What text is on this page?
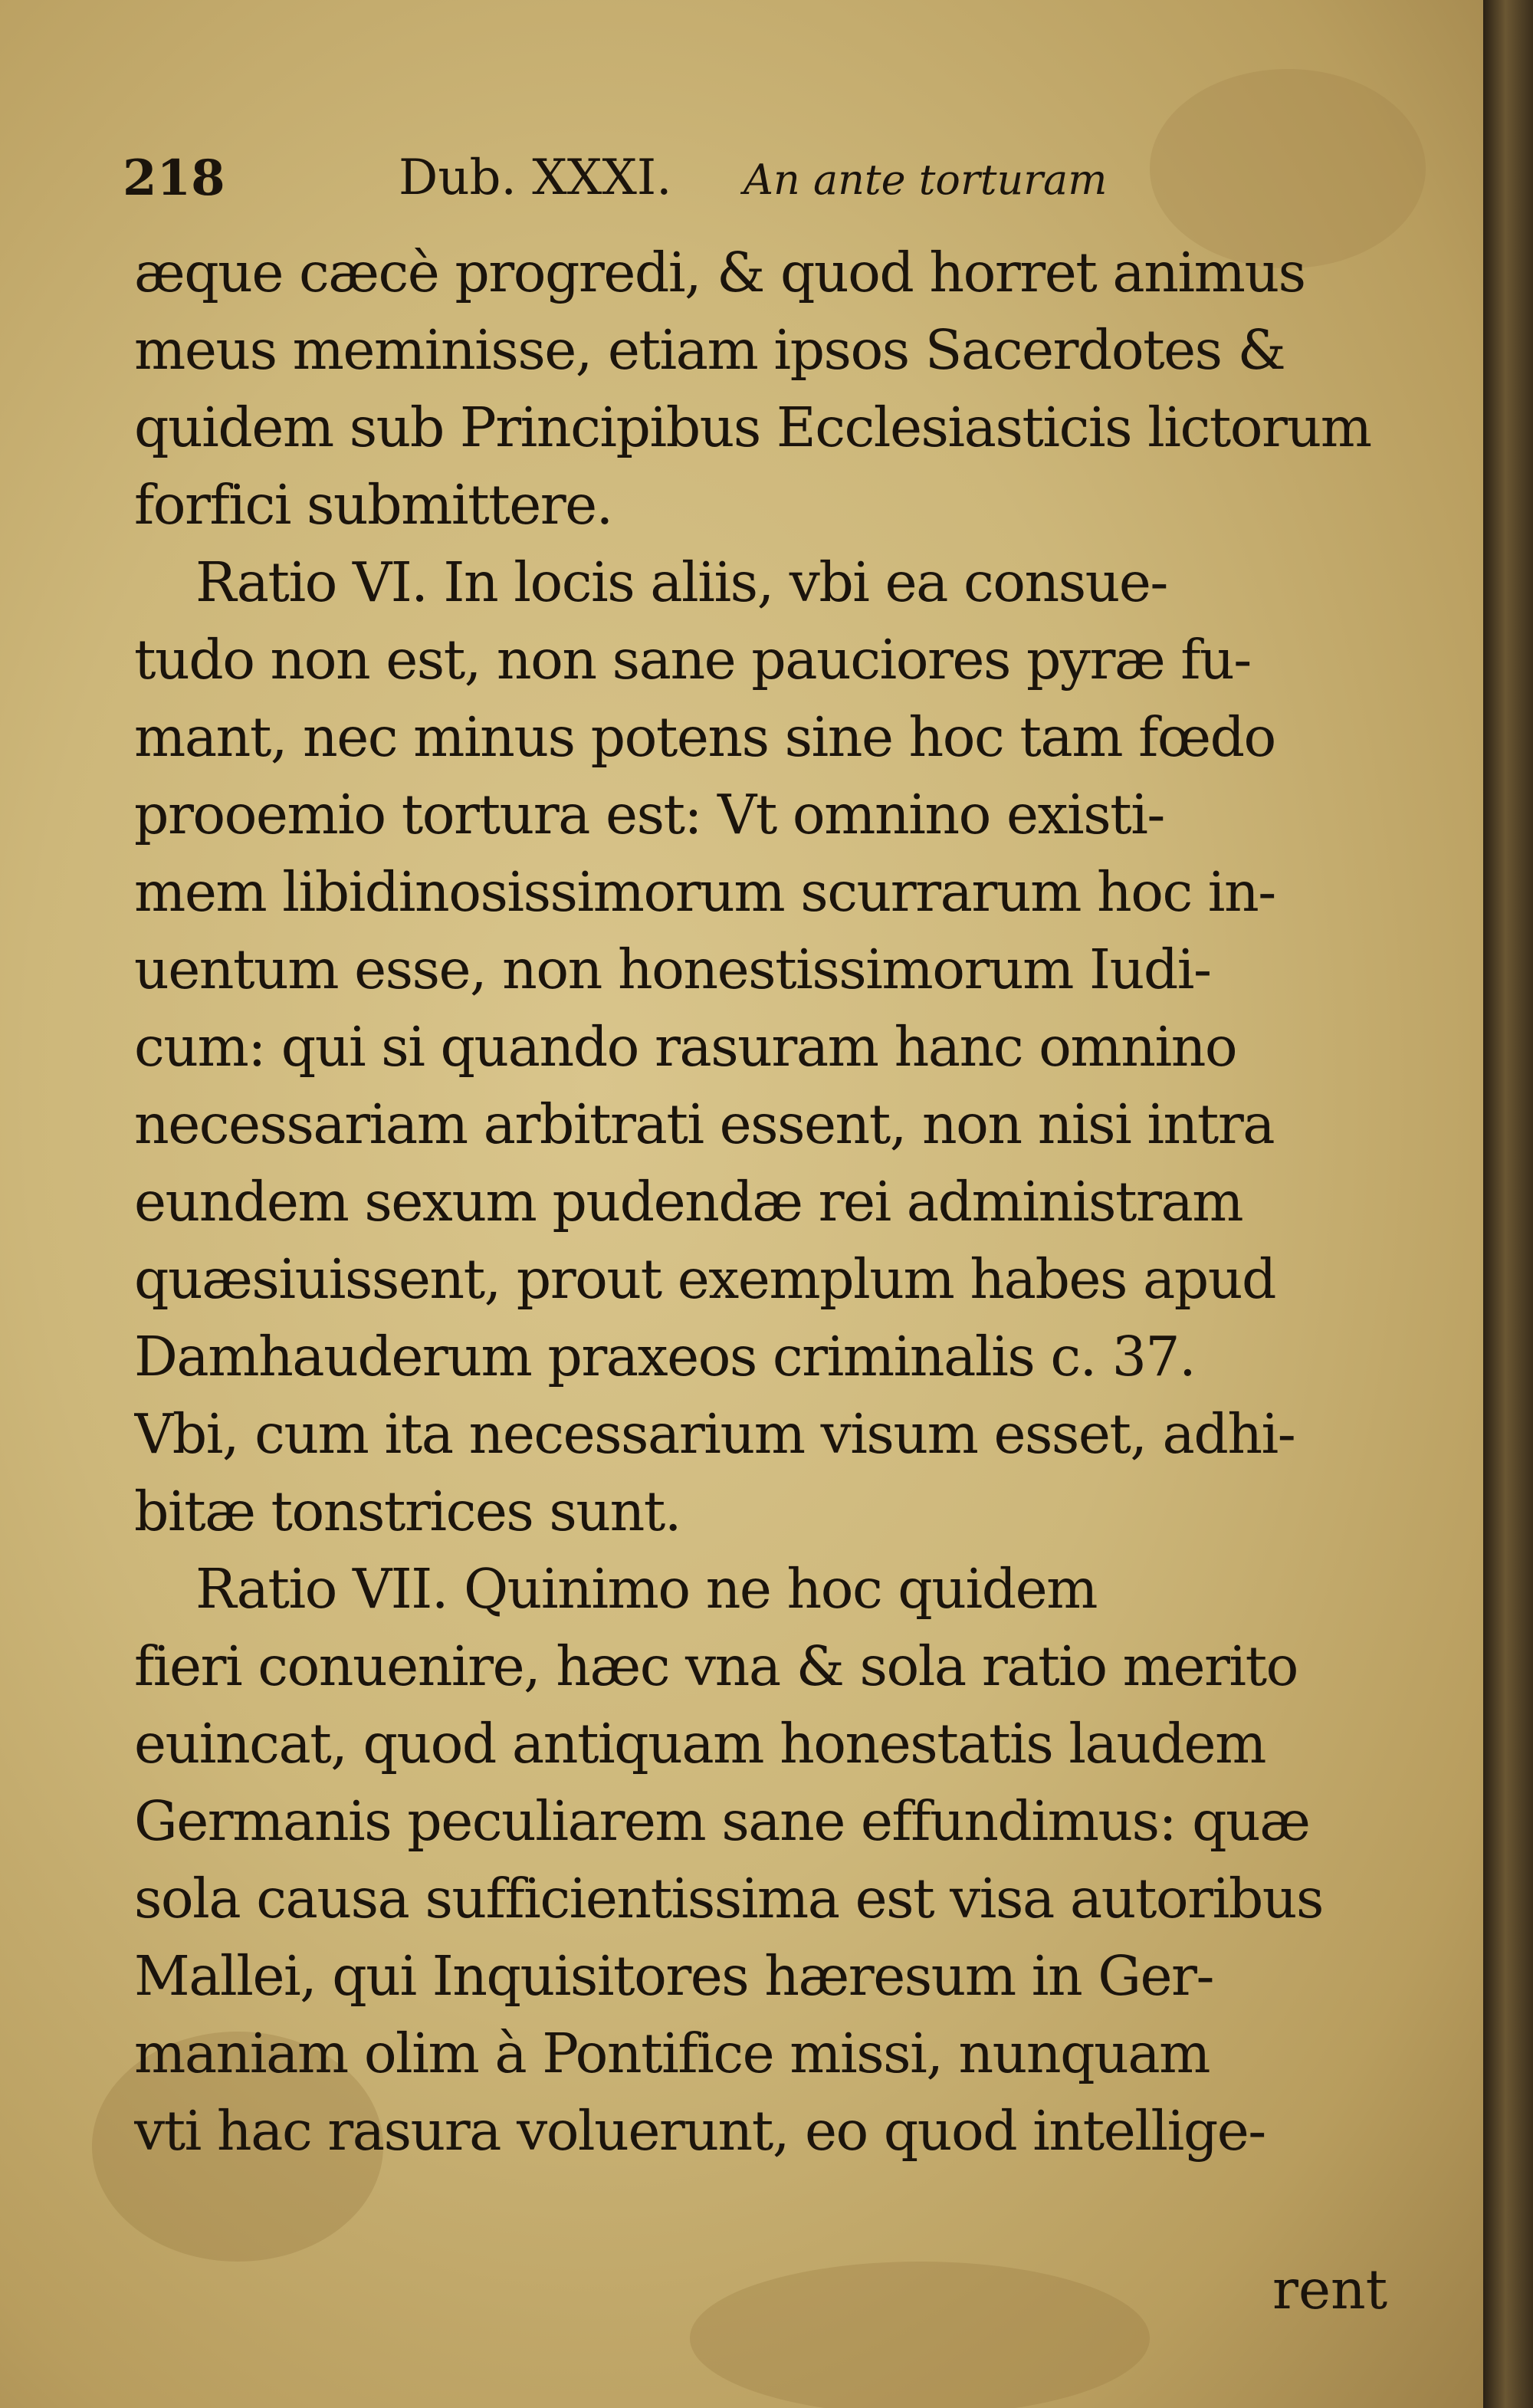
218	Dub. XXXI. An ante torturam
æque cæcè progredi, & quod horret animus
meus meminisse, etiam ipsos Sacerdotes &
quidem sub Principibus Ecclesiasticis lictorum
forfici submittere.
Ratio VI. In locis aliis, vbi ea consue-
tudo non est, non sane pauciores pyræ fu-
mant, nec minus potens sine hoc tam fœdo
prooemio tortura est: Vt omnino existi-
mem libidinosissimorum scurrarum hoc in-
uentum esse, non honestissimorum Iudi-
cum: qui si quando rasuram hanc omnino
necessariam arbitrati essent, non nisi intra
eundem sexum pudendæ rei administram
quæsiuissent, prout exemplum habes apud
Damhauderum praxeos criminalis c. 37.
Vbi, cum ita necessarium visum esset, adhi-
bitæ tonstrices sunt.
Ratio VII. Quinimo ne hoc quidem
fieri conuenire, hæc vna & sola ratio merito
euincat, quod antiquam honestatis laudem
Germanis peculiarem sane effundimus: quæ
sola causa sufficientissima est visa autoribus
Mallei, qui Inquisitores hæresum in Ger-
maniam olim à Pontifice missi, nunquam
vti hac rasura voluerunt, eo quod intellige-
rent
